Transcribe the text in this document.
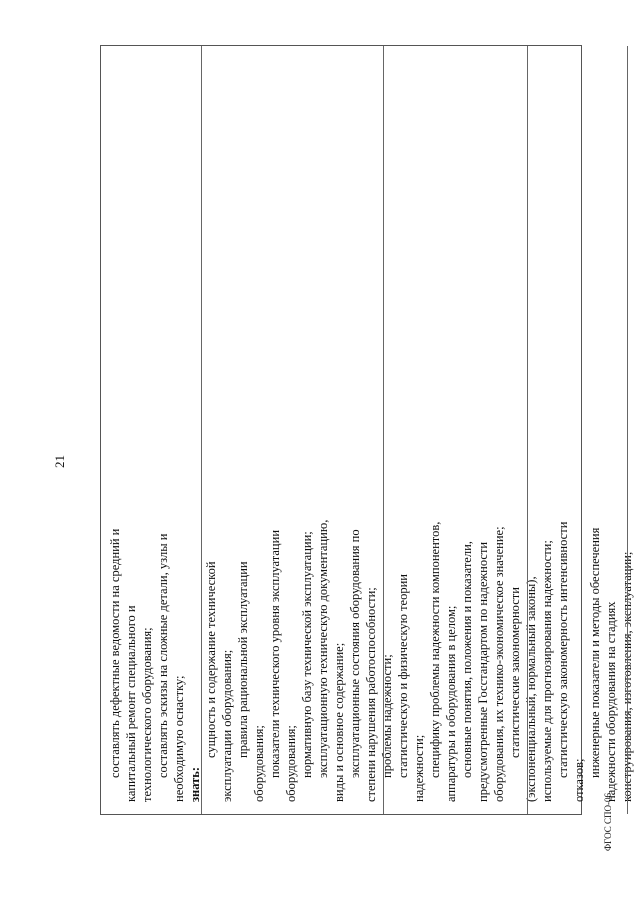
21
составлять дефектные ведомости на средний и капитальный ремонт специального и технологического оборудования; составлять эскизы на сложные детали, узлы и необходимую оснастку; знать:
сущность и содержание технической эксплуатации оборудования; правила рациональной эксплуатации
оборудования; показатели технического уровня эксплуатации оборудования; нормативную базу технической эксплуатации; эксплуатационную техническую документацию, виды и основное содержание; эксплуатационные состояния оборудования по степени нарушения работоспособности; проблемы надежности; статистическую и физическую теории надежности; специфику проблемы надежности компонентов, аппаратуры и оборудования в целом; основные понятия, положения и показатели, предусмотренные Госстандартом по надежности оборудования, их технико-экономическое значение; статистические закономерности (экспоненциальный, нормальный законы), используемые для прогнозирования надежности; статистическую закономерность интенсивности
отказов;
инженерные показатели и методы обеспечения надежности оборудования на стадиях конструирования, изготовления, эксплуатации;
ФГОС СПО-06
